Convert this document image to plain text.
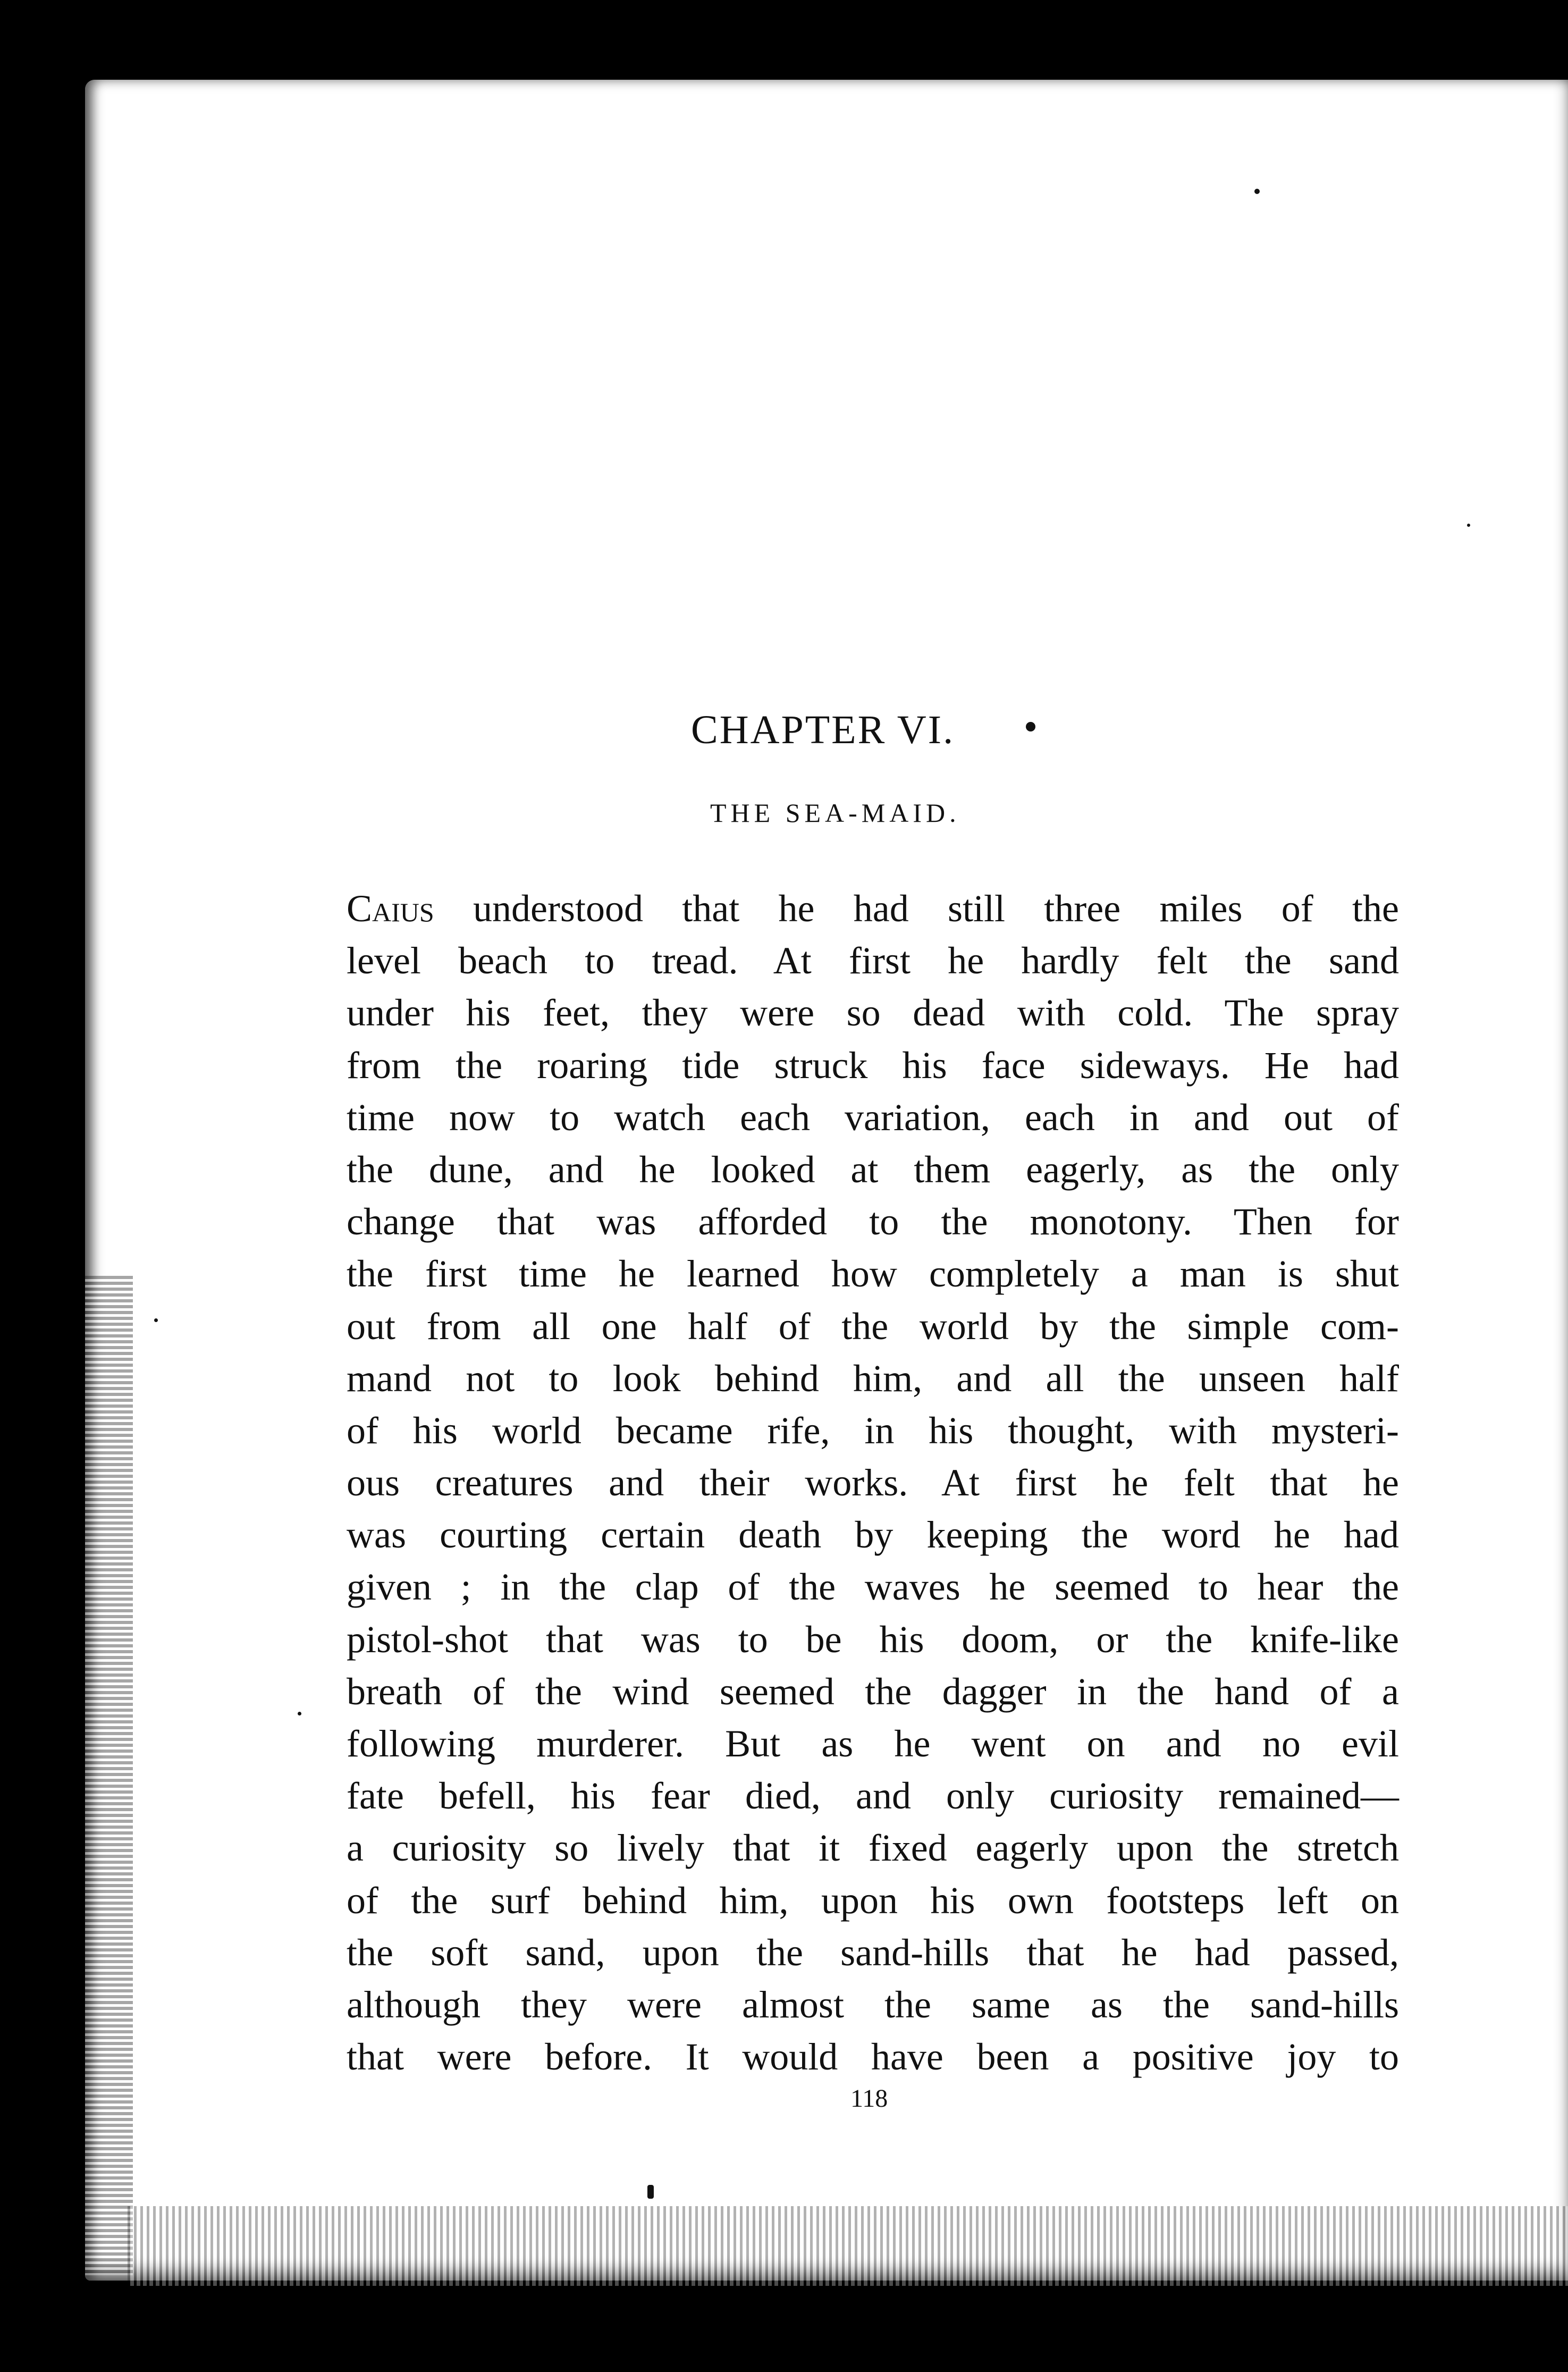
CHAPTER VI.
THE SEA-MAID.
Caius understood that he had still three miles of the
level beach to tread. At first he hardly felt the sand
under his feet, they were so dead with cold. The spray
from the roaring tide struck his face sideways. He had
time now to watch each variation, each in and out of
the dune, and he looked at them eagerly, as the only
change that was afforded to the monotony. Then for
the first time he learned how completely a man is shut
out from all one half of the world by the simple com-
mand not to look behind him, and all the unseen half
of his world became rife, in his thought, with mysteri-
ous creatures and their works. At first he felt that he
was courting certain death by keeping the word he had
given ; in the clap of the waves he seemed to hear the
pistol-shot that was to be his doom, or the knife-like
breath of the wind seemed the dagger in the hand of a
following murderer. But as he went on and no evil
fate befell, his fear died, and only curiosity remained—
a curiosity so lively that it fixed eagerly upon the stretch
of the surf behind him, upon his own footsteps left on
the soft sand, upon the sand-hills that he had passed,
although they were almost the same as the sand-hills
that were before. It would have been a positive joy to
118
